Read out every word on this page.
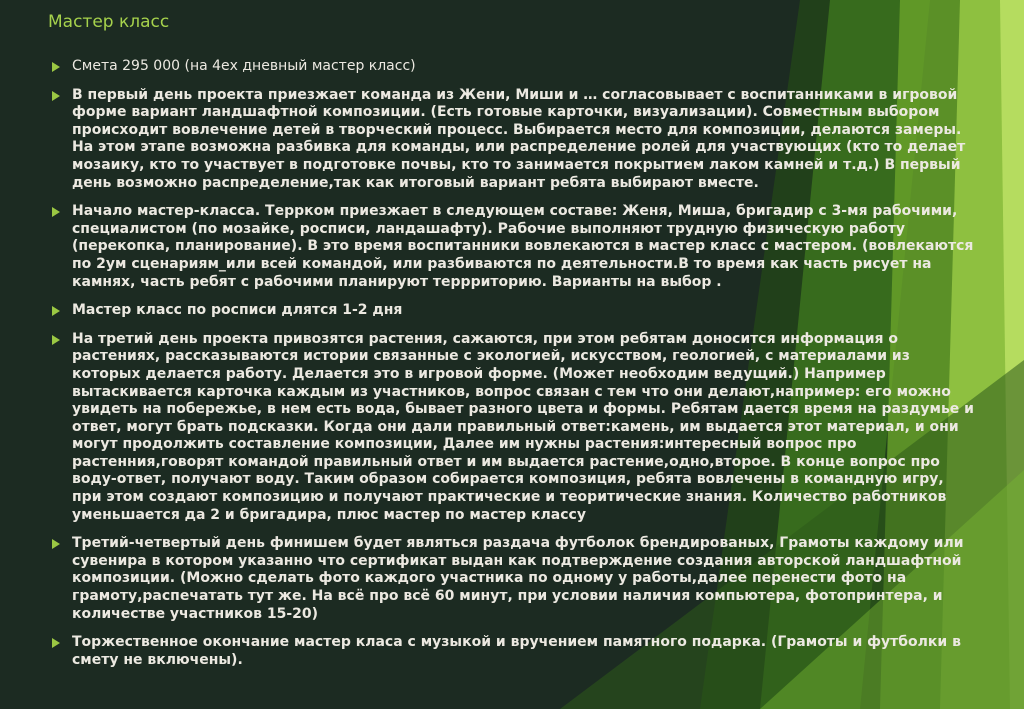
Мастер класс
Смета 295 000 (на 4ех дневный мастер класс)
В первый день проекта приезжает команда из Жени, Миши и … согласовывает с воспитанниками в игровой форме вариант ландшафтной композиции. (Есть готовые карточки, визуализации). Совместным выбором происходит вовлечение детей в творческий процесс. Выбирается место для композиции, делаются замеры. На этом этапе возможна разбивка для команды, или распределение ролей для участвующих (кто то делает мозаику, кто то участвует в подготовке почвы, кто то занимается покрытием лаком камней и т.д.) В первый день возможно распределение,так как итоговый вариант ребята выбирают вместе.
Начало мастер-класса. Терркoм приезжает в следующем составе: Женя, Миша, бригадир с 3-мя рабочими, специалистом (по мозайке, росписи, ландашафту). Рабочие выполняют трудную физическую работу (перекопка, планирование). В это время воспитанники вовлекаются в мастер класс с мастером. (вовлекаются по 2ум сценариям_или всей командой, или разбиваются по деятельности.В то время как часть рисует на камнях, часть ребят с рабочими планируют террриторию. Варианты на выбор .
Мастер класс по росписи длятся 1-2 дня
На третий день проекта привозятся растения, сажаются, при этом ребятам доносится информация о растениях, рассказываются истории связанные с экологией, искусством, геологией, с материалами из которых делается работу. Делается это в игровой форме. (Может необходим ведущий.) Например вытаскивается карточка каждым из участников, вопрос связан с тем что они делают,например: его можно увидеть на побережье, в нем есть вода, бывает разного цвета и формы. Ребятам дается время на раздумье и ответ, могут брать подсказки. Когда они дали правильный ответ:камень, им выдается этот материал, и они могут продолжить составление композиции, Далее им нужны растения:интересный вопрос про растенния,говорят командой правильный ответ и им выдается растение,одно,второе. В конце вопрос про воду-ответ, получают воду. Таким образом собирается композиция, ребята вовлечены в командную игру, при этом создают композицию и получают практические и теоритические знания. Количество работников уменьшается да 2 и бригадира, плюс мастер по мастер классу
Третий-четвертый день финишем будет являться раздача футболок брендированых, Грамоты каждому или сувенира в котором указанно что сертификат выдан как подтверждение создания авторской ландшафтной композиции. (Можно сделать фото каждого участника по одному у работы,далее перенести фото на грамоту,распечатать тут же. На всё про всё 60 минут, при условии наличия компьютера, фотопринтера, и количестве участников 15-20)
Торжественное окончание мастер класа с музыкой и вручением памятного подарка. (Грамоты и футболки в смету не включены).
